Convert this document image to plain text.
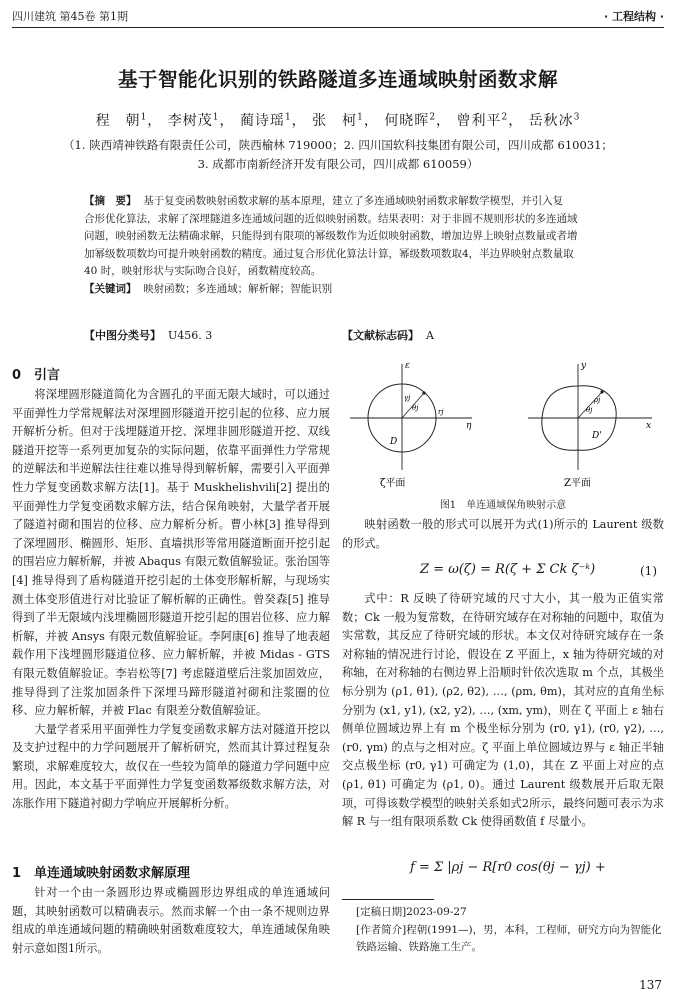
四川建筑 第45卷 第1期	· 工程结构 ·
基于智能化识别的铁路隧道多连通域映射函数求解
程　朝$^1$， 李树茂$^1$， 蔺诗瑶$^1$， 张　柯$^1$， 何晓晖$^2$， 曾利平$^2$， 岳秋冰$^3$
（1. 陕西靖神铁路有限责任公司，陕西榆林 719000；2. 四川国软科技集团有限公司，四川成都 610031；
3. 成都市南新经济开发有限公司，四川成都 610059）
【摘　要】 基于复变函数映射函数求解的基本原理，建立了多连通域映射函数求解数学模型，并引入复
合形优化算法，求解了深埋隧道多连通域问题的近似映射函数。结果表明：对于非圆不规则形状的多连通域
问题，映射函数无法精确求解，只能得到有限项的幂级数作为近似映射函数，增加边界上映射点数量或者增
加幂级数项数均可提升映射函数的精度。通过复合形优化算法计算，幂级数项数取4，半边界映射点数量取
40 时，映射形状与实际吻合良好，函数精度较高。
【关键词】 映射函数；多连通域；解析解；智能识别
【中图分类号】 U456. 3	【文献标志码】 A
0　引言

将深埋圆形隧道简化为含圆孔的平面无限大域时，可以通过平面弹性力学常规解法对深埋圆形隧道开挖引起的位移、应力展开解析分析。但对于浅埋隧道开挖、深埋非圆形隧道开挖、双线隧道开挖等一系列更加复杂的实际问题，依靠平面弹性力学常规的逆解法和半逆解法往往难以推导得到解析解，需要引入平面弹性力学复变函数求解方法[1]。基于 Muskhelishvili[2] 提出的平面弹性力学复变函数求解方法，结合保角映射，大量学者开展了隧道衬砌和围岩的位移、应力解析分析。曹小林[3] 推导得到了深埋圆形、椭圆形、矩形、直墙拱形等常用隧道断面开挖引起的围岩应力解析解，并被 Abaqus 有限元数值解验证。张治国等[4] 推导得到了盾构隧道开挖引起的土体变形解析解，与现场实测土体变形值进行对比验证了解析解的正确性。曾癸森[5] 推导得到了半无限域内浅埋椭圆形隧道开挖引起的围岩位移、应力解析解，并被 Ansys 有限元数值解验证。李阿康[6] 推导了地表超载作用下浅埋圆形隧道位移、应力解析解，并被 Midas - GTS 有限元数值解验证。李岩松等[7] 考虑隧道壁后注浆加固效应，推导得到了注浆加固条件下深埋马蹄形隧道衬砌和注浆圈的位移、应力解析解，并被 Flac 有限差分数值解验证。

大量学者采用平面弹性力学复变函数求解方法对隧道开挖以及支护过程中的力学问题展开了解析研究，然而其计算过程复杂繁琐，求解难度较大，故仅在一些较为简单的隧道力学问题中应用。因此，本文基于平面弹性力学复变函数幂级数求解方法，对冻胀作用下隧道衬砌力学响应开展解析分析。

1　单连通域映射函数求解原理

针对一个由一条圆形边界或椭圆形边界组成的单连通域问题，其映射函数可以精确表示。然而求解一个由一条不规则边界组成的单连通域问题的精确映射函数难度较大，单连通域保角映射示意如图1所示。

ε
η
γj
θj
D
rj
ζ平面
y
x
θj
ρj
D'
Z平面
图1　单连通域保角映射示意

映射函数一般的形式可以展开为式(1)所示的 Laurent 级数的形式。

Z = ω(ζ) = R(ζ + Σ Ck ζ⁻ᵏ)	(1)

式中：R 反映了待研究域的尺寸大小，其一般为正值实常数；Ck 一般为复常数，在待研究域存在对称轴的问题中，取值为实常数，其反应了待研究域的形状。本文仅对待研究域存在一条对称轴的情况进行讨论，假设在 Z 平面上，x 轴为待研究域的对称轴，在对称轴的右侧边界上沿顺时针依次选取 m 个点，其极坐标分别为 (ρ1, θ1), (ρ2, θ2), …, (ρm, θm)，其对应的直角坐标分别为 (x1, y1), (x2, y2), …, (xm, ym)，则在 ζ 平面上 ε 轴右侧单位圆域边界上有 m 个极坐标分别为 (r0, γ1), (r0, γ2), …, (r0, γm) 的点与之相对应。ζ 平面上单位圆域边界与 ε 轴正半轴交点极坐标 (r0, γ1) 可确定为 (1,0)，其在 Z 平面上对应的点 (ρ1, θ1) 可确定为 (ρ1, 0)。通过 Laurent 级数展开后取无限项，可得该数学模型的映射关系如式2所示，最终问题可表示为求解 R 与一组有限项系数 Ck 使得函数值 f 尽量小。

f = Σ |ρj − R[r0 cos(θj − γj) +
[定稿日期]2023-09-27
[作者简介]程朝(1991—)，男，本科，工程师，研究方向为智能化铁路运输、铁路施工生产。
137
